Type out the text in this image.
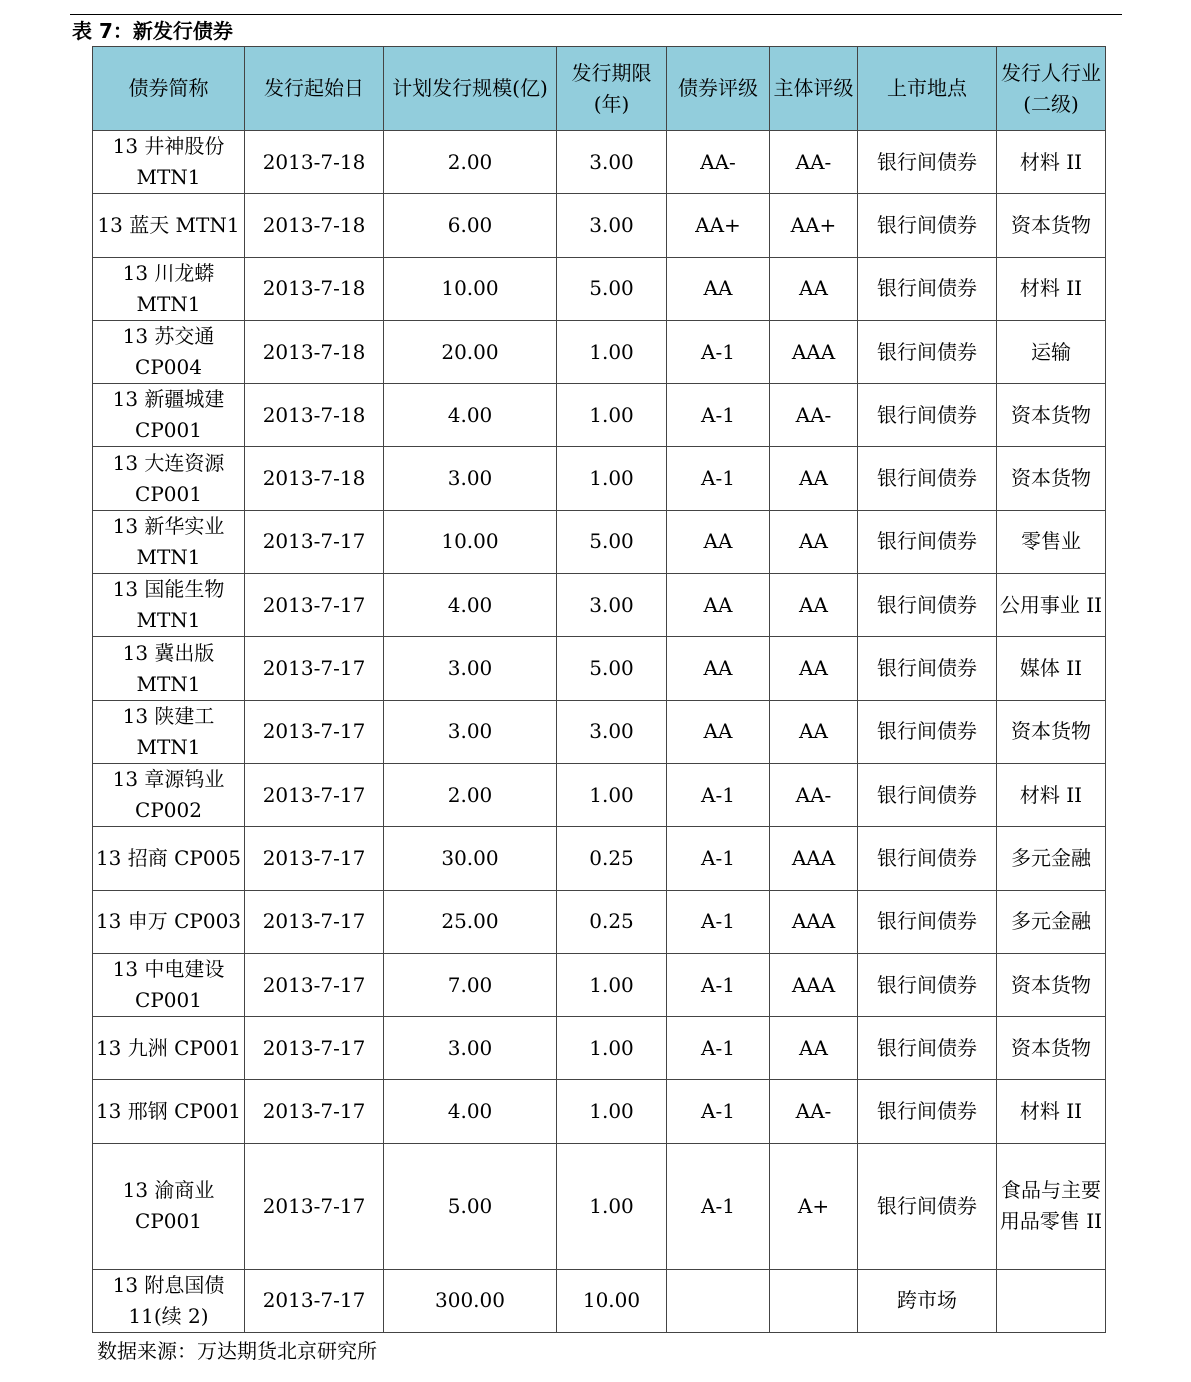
表 7：新发行债券
债券简称	发行起始日	计划发行规模(亿)	发行期限(年)	债券评级	主体评级	上市地点	发行人行业(二级)
13 井神股份 MTN1	2013-7-18	2.00	3.00	AA-	AA-	银行间债券	材料 II
13 蓝天 MTN1	2013-7-18	6.00	3.00	AA+	AA+	银行间债券	资本货物
13 川龙蟒 MTN1	2013-7-18	10.00	5.00	AA	AA	银行间债券	材料 II
13 苏交通 CP004	2013-7-18	20.00	1.00	A-1	AAA	银行间债券	运输
13 新疆城建 CP001	2013-7-18	4.00	1.00	A-1	AA-	银行间债券	资本货物
13 大连资源 CP001	2013-7-18	3.00	1.00	A-1	AA	银行间债券	资本货物
13 新华实业 MTN1	2013-7-17	10.00	5.00	AA	AA	银行间债券	零售业
13 国能生物 MTN1	2013-7-17	4.00	3.00	AA	AA	银行间债券	公用事业 II
13 冀出版 MTN1	2013-7-17	3.00	5.00	AA	AA	银行间债券	媒体 II
13 陕建工 MTN1	2013-7-17	3.00	3.00	AA	AA	银行间债券	资本货物
13 章源钨业 CP002	2013-7-17	2.00	1.00	A-1	AA-	银行间债券	材料 II
13 招商 CP005	2013-7-17	30.00	0.25	A-1	AAA	银行间债券	多元金融
13 申万 CP003	2013-7-17	25.00	0.25	A-1	AAA	银行间债券	多元金融
13 中电建设 CP001	2013-7-17	7.00	1.00	A-1	AAA	银行间债券	资本货物
13 九洲 CP001	2013-7-17	3.00	1.00	A-1	AA	银行间债券	资本货物
13 邢钢 CP001	2013-7-17	4.00	1.00	A-1	AA-	银行间债券	材料 II
13 渝商业 CP001	2013-7-17	5.00	1.00	A-1	A+	银行间债券	食品与主要用品零售 II
13 附息国债 11(续 2)	2013-7-17	300.00	10.00			跨市场	
数据来源：万达期货北京研究所
